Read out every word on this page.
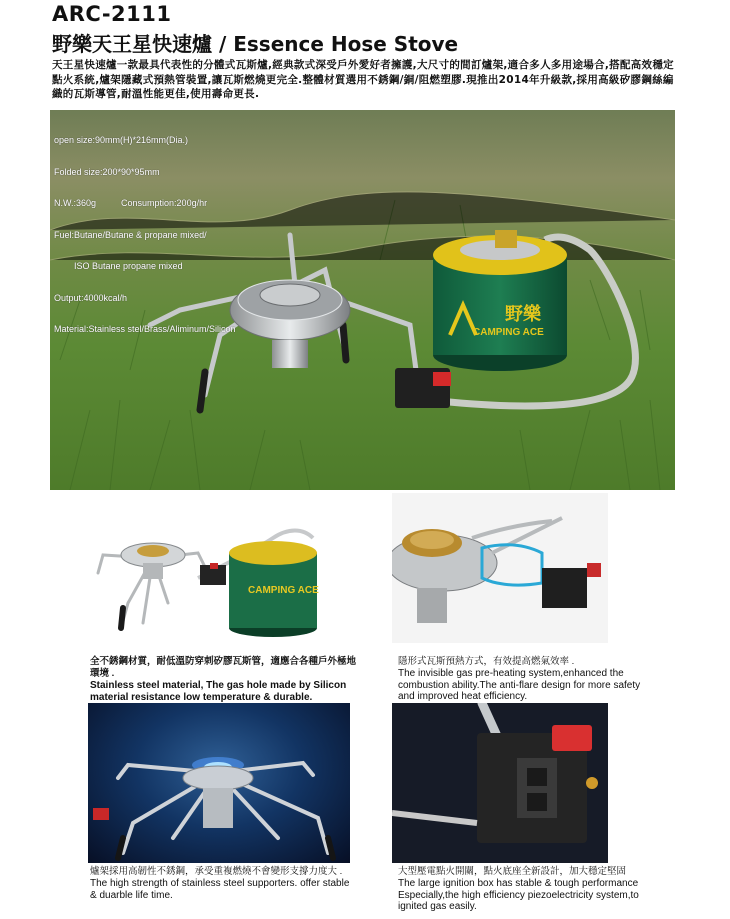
ARC-2111
野樂天王星快速爐 / Essence Hose Stove
天王星快速爐一款最具代表性的分體式瓦斯爐,經典款式深受戶外愛好者擁護,大尺寸的間訂爐架,適合多人多用途場合,搭配高效穩定點火系統,爐架隱藏式預熱管裝置,讓瓦斯燃燒更完全.整體材質選用不銹鋼/銅/阻燃塑膠.現推出2014年升級款,採用高級矽膠鋼絲編織的瓦斯導管,耐溫性能更佳,使用壽命更長.
野樂
CAMPING ACE

open size:90mm(H)*216mm(Dia.)

Folded size:200*90*95mm

N.W.:360g          Consumption:200g/hr

Fuel:Butane/Butane & propane mixed/

ISO Butane propane mixed

Output:4000kcal/h

Material:Stainless stel/Brass/Aliminum/Silicon

CAMPING ACE
全不銹鋼材質，耐低溫防穿刺矽膠瓦斯管，適應合各種戶外極地環境 .
Stainless steel material, The gas hole made by Silicon material resistance low temperature & durable.
隱形式瓦斯預熱方式，有效提高燃氣效率 .
The invisible gas pre-heating system,enhanced the combustion ability.The anti-flare design for more safety and improved heat efficiency.
爐架採用高韌性不銹鋼，承受重複燃燒不會變形支撐力度大 .
The high strength of stainless steel supporters. offer stable & duarble life time.
大型壓電點火開關，點火底座全新設計，加大穩定堅固
The large ignition box has stable & tough performance Especially,the high efficiency piezoelectricity system,to ignited gas easily.
